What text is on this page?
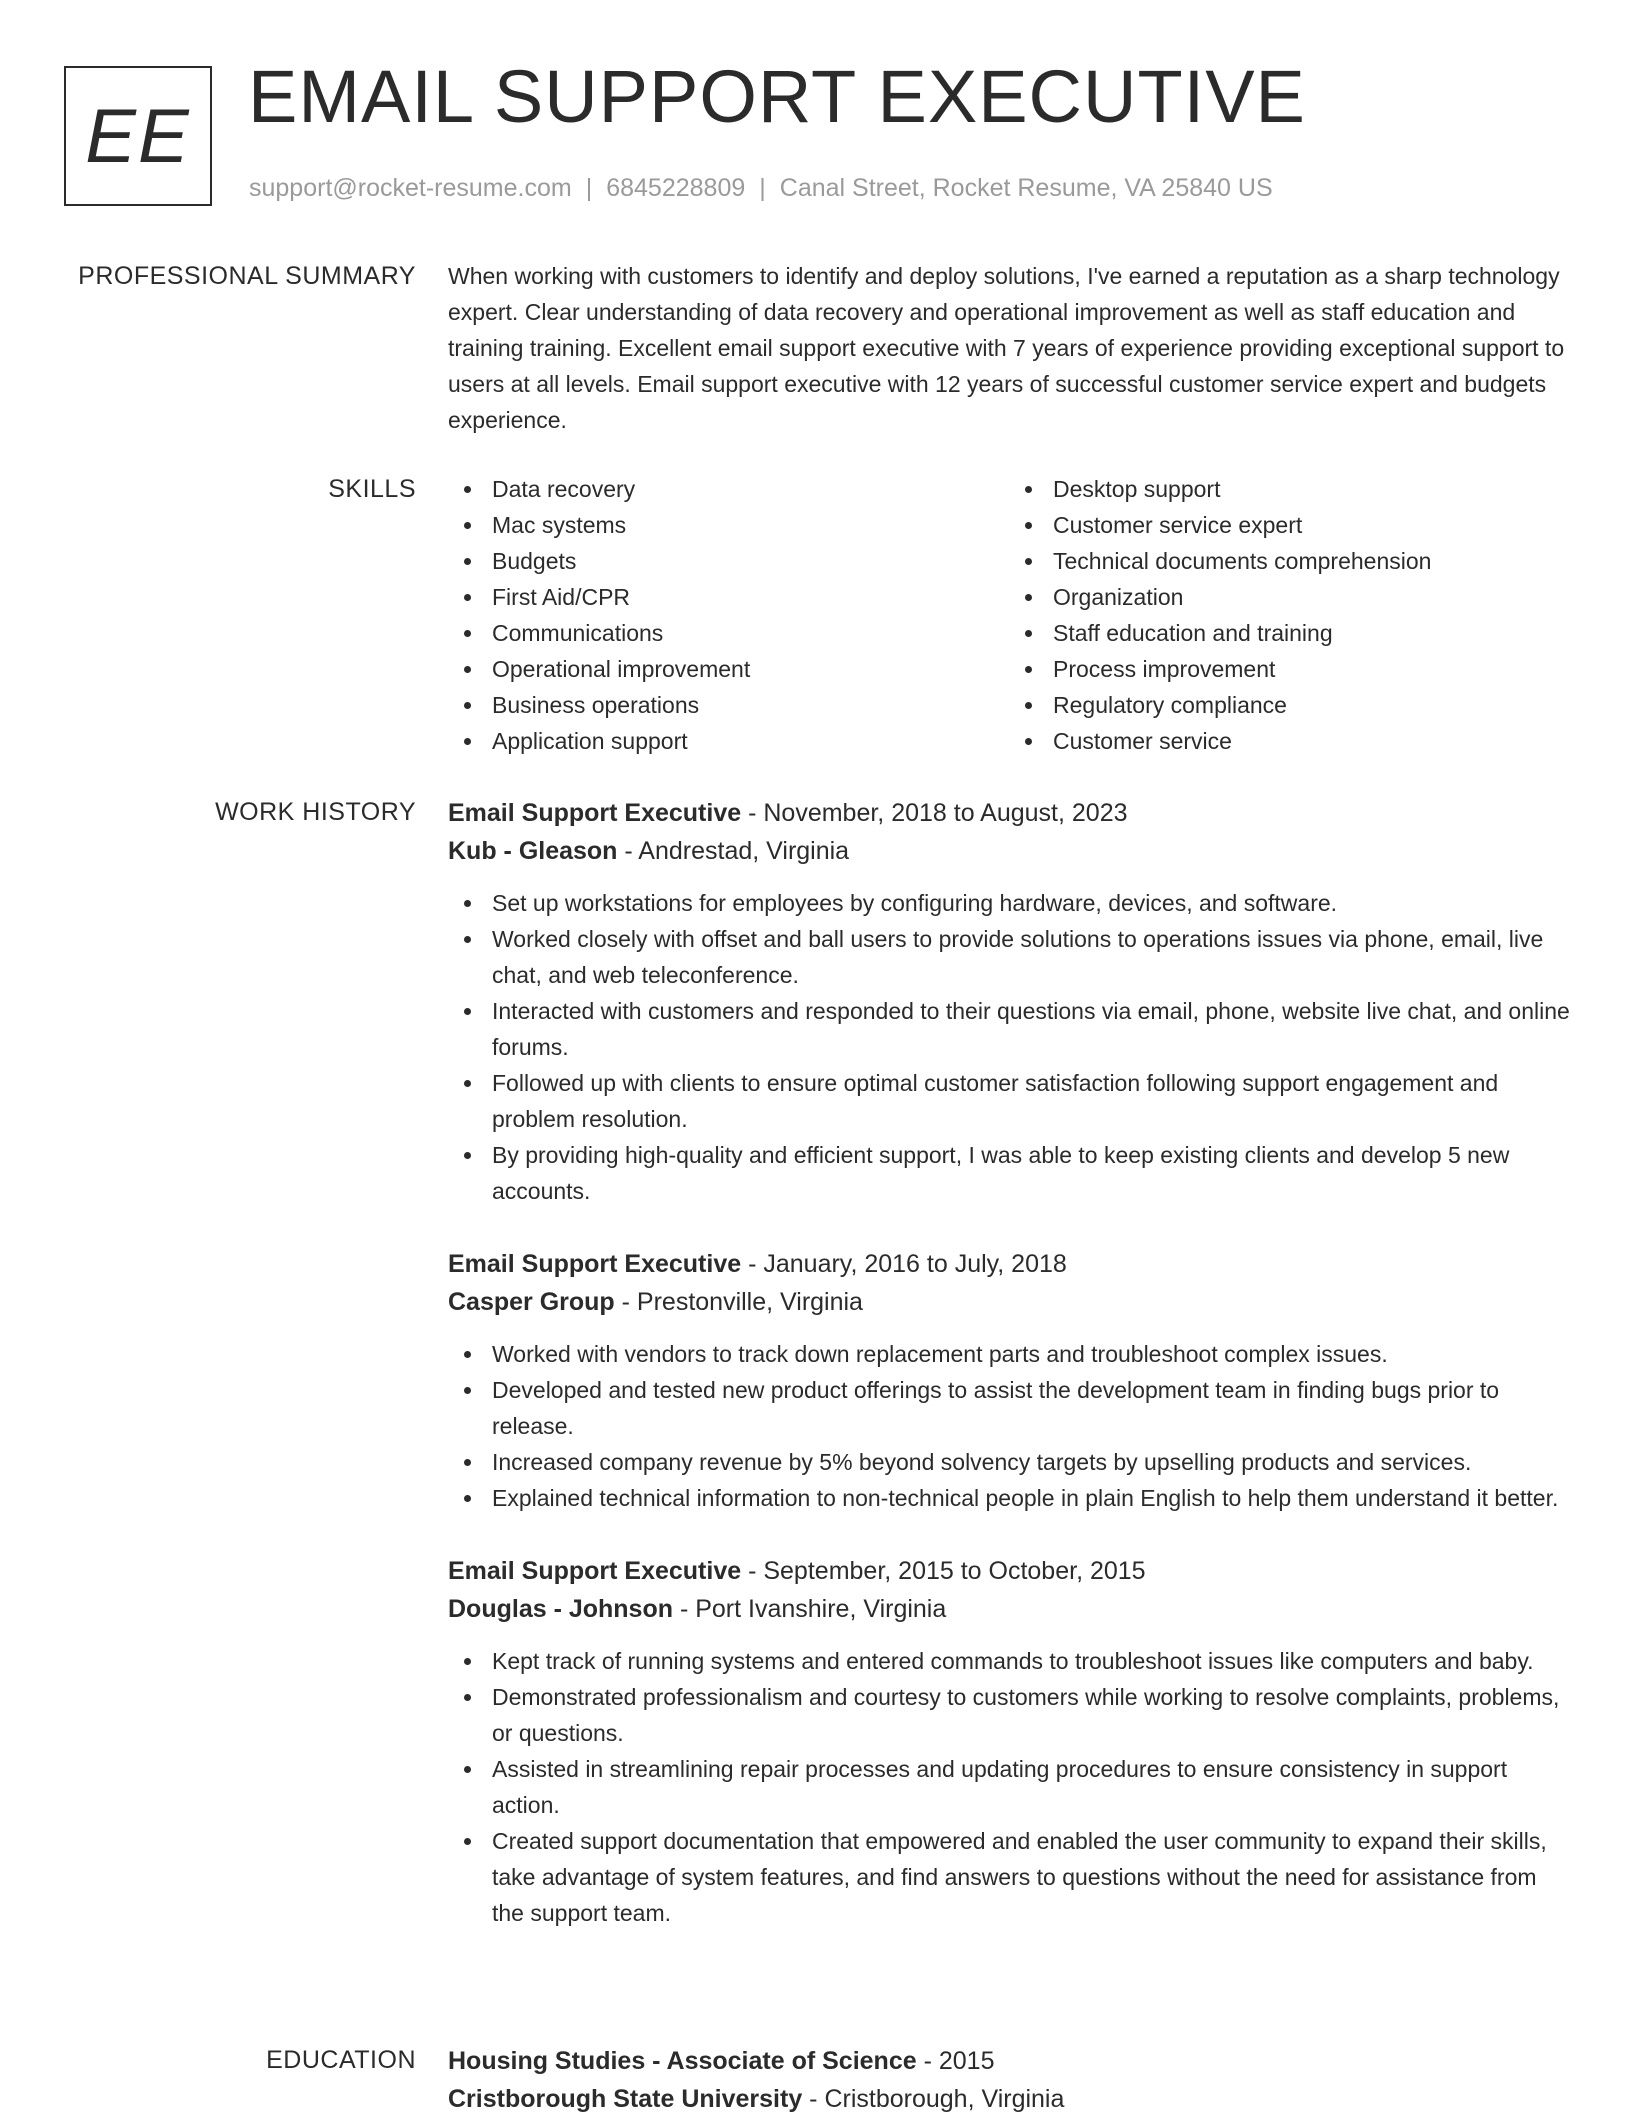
EE EMAIL SUPPORT EXECUTIVE
support@rocket-resume.com | 6845228809 | Canal Street, Rocket Resume, VA 25840 US
PROFESSIONAL SUMMARY When working with customers to identify and deploy solutions, I've earned a reputation as a sharp technology expert. Clear understanding of data recovery and operational improvement as well as staff education and training training. Excellent email support executive with 7 years of experience providing exceptional support to users at all levels. Email support executive with 12 years of successful customer service expert and budgets experience.

SKILLS	Data recovery
Mac systems
Budgets
First Aid/CPR
Communications
Operational improvement
Business operations
Application support
Desktop support
Customer service expert
Technical documents comprehension
Organization
Staff education and training
Process improvement
Regulatory compliance
Customer service
WORK HISTORY Email Support Executive - November, 2018 to August, 2023
Kub - Gleason - Andrestad, Virginia
Set up workstations for employees by configuring hardware, devices, and software.
Worked closely with offset and ball users to provide solutions to operations issues via phone, email, live chat, and web teleconference.
Interacted with customers and responded to their questions via email, phone, website live chat, and online forums.
Followed up with clients to ensure optimal customer satisfaction following support engagement and problem resolution.
By providing high-quality and efficient support, I was able to keep existing clients and develop 5 new accounts.
Email Support Executive - January, 2016 to July, 2018
Casper Group - Prestonville, Virginia
Worked with vendors to track down replacement parts and troubleshoot complex issues.
Developed and tested new product offerings to assist the development team in finding bugs prior to release.
Increased company revenue by 5% beyond solvency targets by upselling products and services.
Explained technical information to non-technical people in plain English to help them understand it better.
Email Support Executive - September, 2015 to October, 2015
Douglas - Johnson - Port Ivanshire, Virginia
Kept track of running systems and entered commands to troubleshoot issues like computers and baby.
Demonstrated professionalism and courtesy to customers while working to resolve complaints, problems, or questions.
Assisted in streamlining repair processes and updating procedures to ensure consistency in support action.
Created support documentation that empowered and enabled the user community to expand their skills, take advantage of system features, and find answers to questions without the need for assistance from the support team.
EDUCATION Housing Studies - Associate of Science - 2015
Cristborough State University - Cristborough, Virginia
